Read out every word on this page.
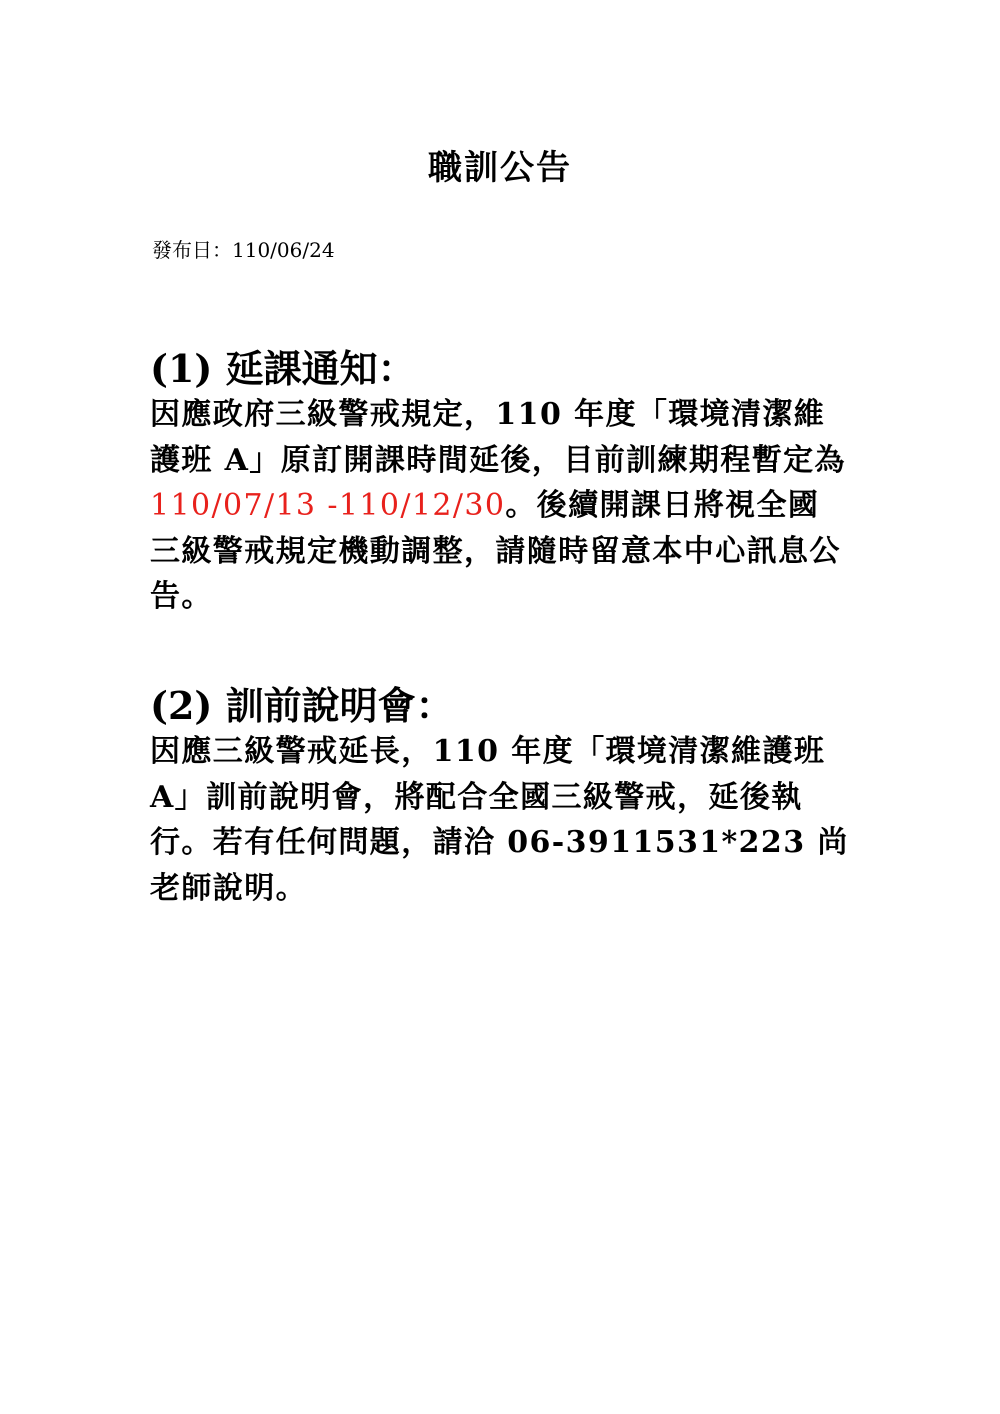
職訓公告

發布日：110/06/24

(1) 延課通知：

因應政府三級警戒規定，110 年度「環境清潔維護班 A」原訂開課時間延後，目前訓練期程暫定為 110/07/13 -110/12/30。後續開課日將視全國三級警戒規定機動調整，請隨時留意本中心訊息公告。

(2) 訓前說明會：

因應三級警戒延長，110 年度「環境清潔維護班 A」訓前說明會，將配合全國三級警戒，延後執行。若有任何問題，請洽 06-3911531*223 尚老師說明。
